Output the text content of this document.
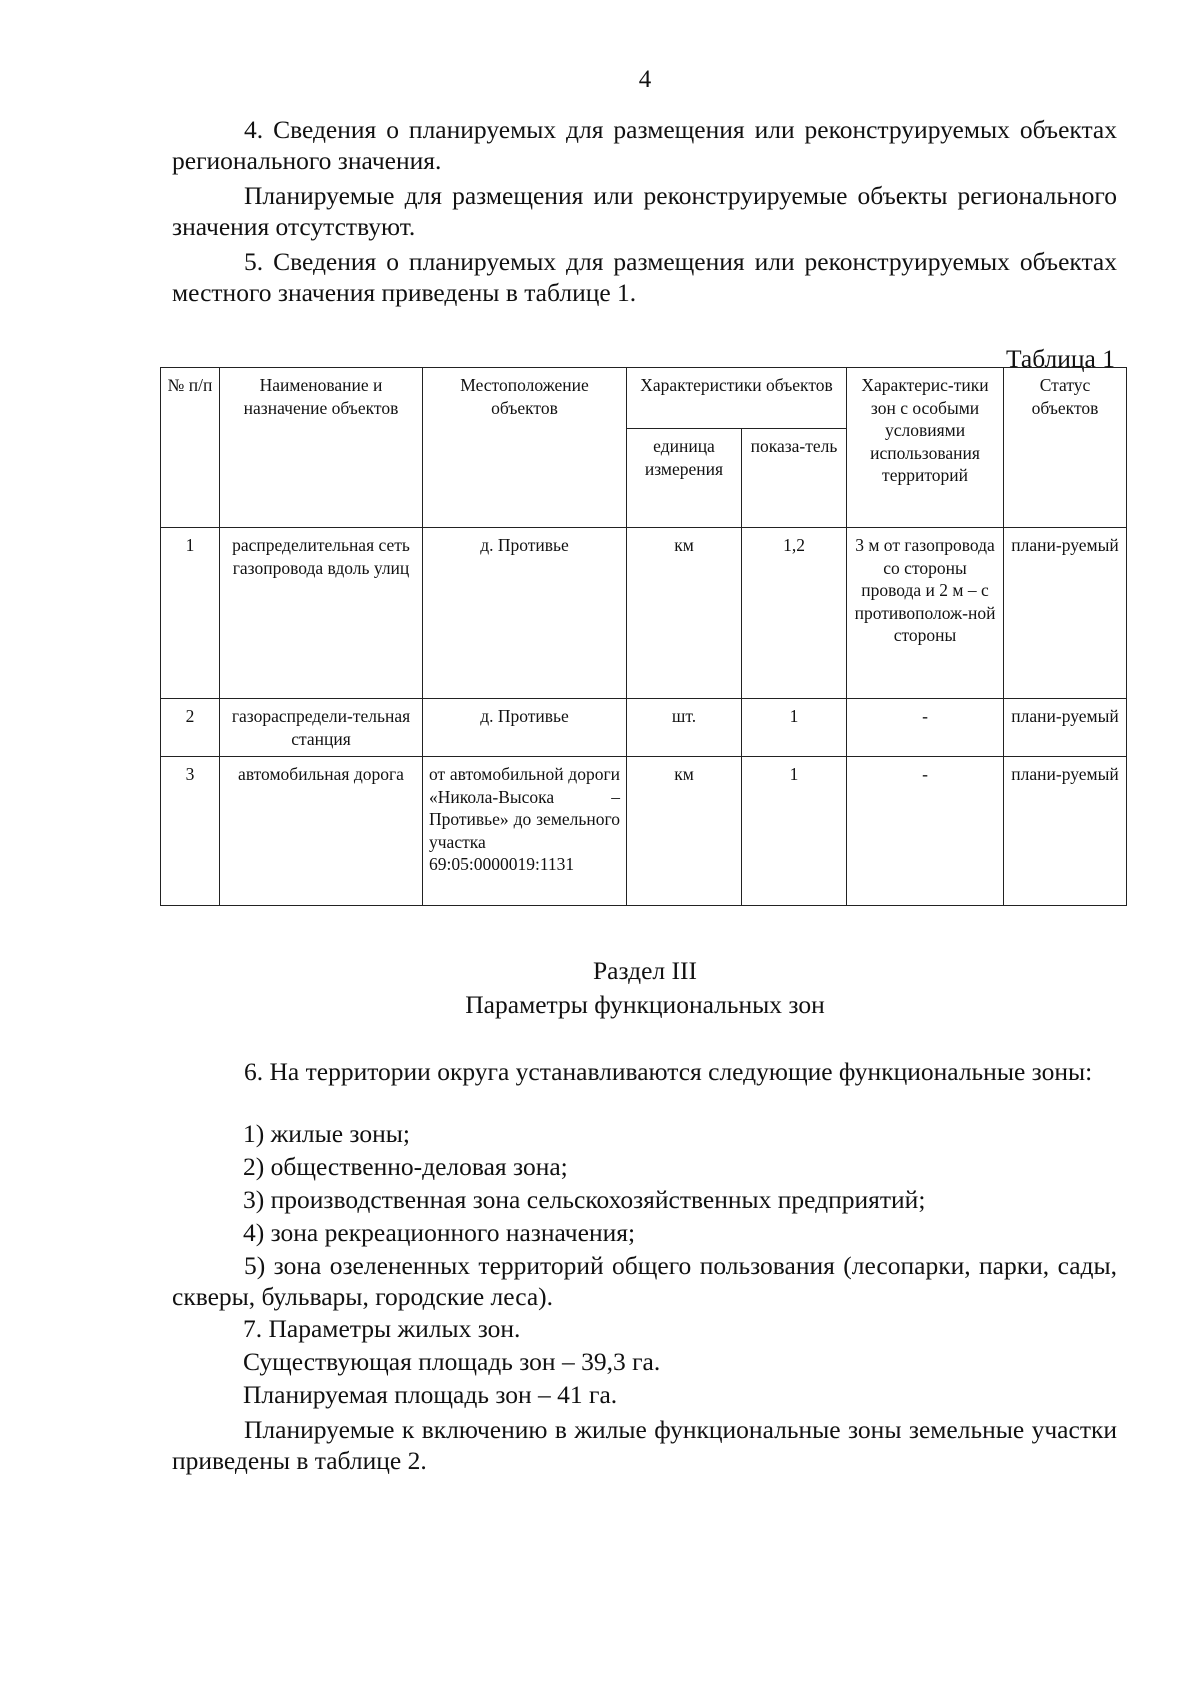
4

4. Сведения о планируемых для размещения или реконструируемых объектах регионального значения.

Планируемые для размещения или реконструируемые объекты регионального значения отсутствуют.

5. Сведения о планируемых для размещения или реконструируемых объектах местного значения приведены в таблице 1.

Таблица 1
№ п/п	Наименование и назначение объектов	Местоположение объектов	Характеристики объектов		Характерис-тики зон с особыми условиями использования территорий	Статус объектов
			единица измерения	показа-тель		
1	распределительная сеть газопровода вдоль улиц	д. Противье	км	1,2	3 м от газопровода со стороны провода и 2 м – с противополож-ной стороны	плани-руемый
2	газораспредели-тельная станция	д. Противье	шт.	1	-	плани-руемый
3	автомобильная дорога	от автомобильной дороги «Никола-Высока – Противье» до земельного участка 69:05:0000019:1131	км	1	-	плани-руемый
Раздел III
Параметры функциональных зон

6. На территории округа устанавливаются следующие функциональные зоны:

1) жилые зоны;
2) общественно-деловая зона;
3) производственная зона сельскохозяйственных предприятий;
4) зона рекреационного назначения;

5) зона озелененных территорий общего пользования (лесопарки, парки, сады, скверы, бульвары, городские леса).

7. Параметры жилых зон.
Существующая площадь зон – 39,3 га.
Планируемая площадь зон – 41 га.

Планируемые к включению в жилые функциональные зоны земельные участки приведены в таблице 2.
